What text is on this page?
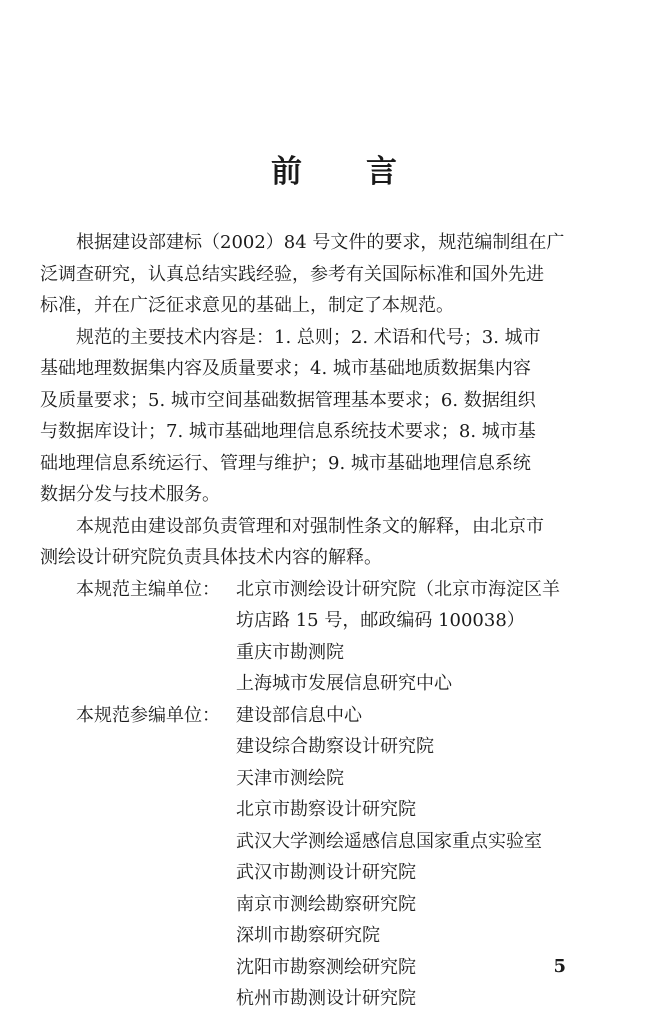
前 言

根据建设部建标（2002）84 号文件的要求，规范编制组在广
泛调查研究，认真总结实践经验，参考有关国际标准和国外先进
标准，并在广泛征求意见的基础上，制定了本规范。

规范的主要技术内容是：1. 总则；2. 术语和代号；3. 城市
基础地理数据集内容及质量要求；4. 城市基础地质数据集内容
及质量要求；5. 城市空间基础数据管理基本要求；6. 数据组织
与数据库设计；7. 城市基础地理信息系统技术要求；8. 城市基
础地理信息系统运行、管理与维护；9. 城市基础地理信息系统
数据分发与技术服务。

本规范由建设部负责管理和对强制性条文的解释，由北京市
测绘设计研究院负责具体技术内容的解释。

本规范主编单位： 北京市测绘设计研究院（北京市海淀区羊
坊店路 15 号，邮政编码 100038）
重庆市勘测院
上海城市发展信息研究中心
本规范参编单位： 建设部信息中心
建设综合勘察设计研究院
天津市测绘院
北京市勘察设计研究院
武汉大学测绘遥感信息国家重点实验室
武汉市勘测设计研究院
南京市测绘勘察研究院
深圳市勘察研究院
沈阳市勘察测绘研究院
杭州市勘测设计研究院
5
